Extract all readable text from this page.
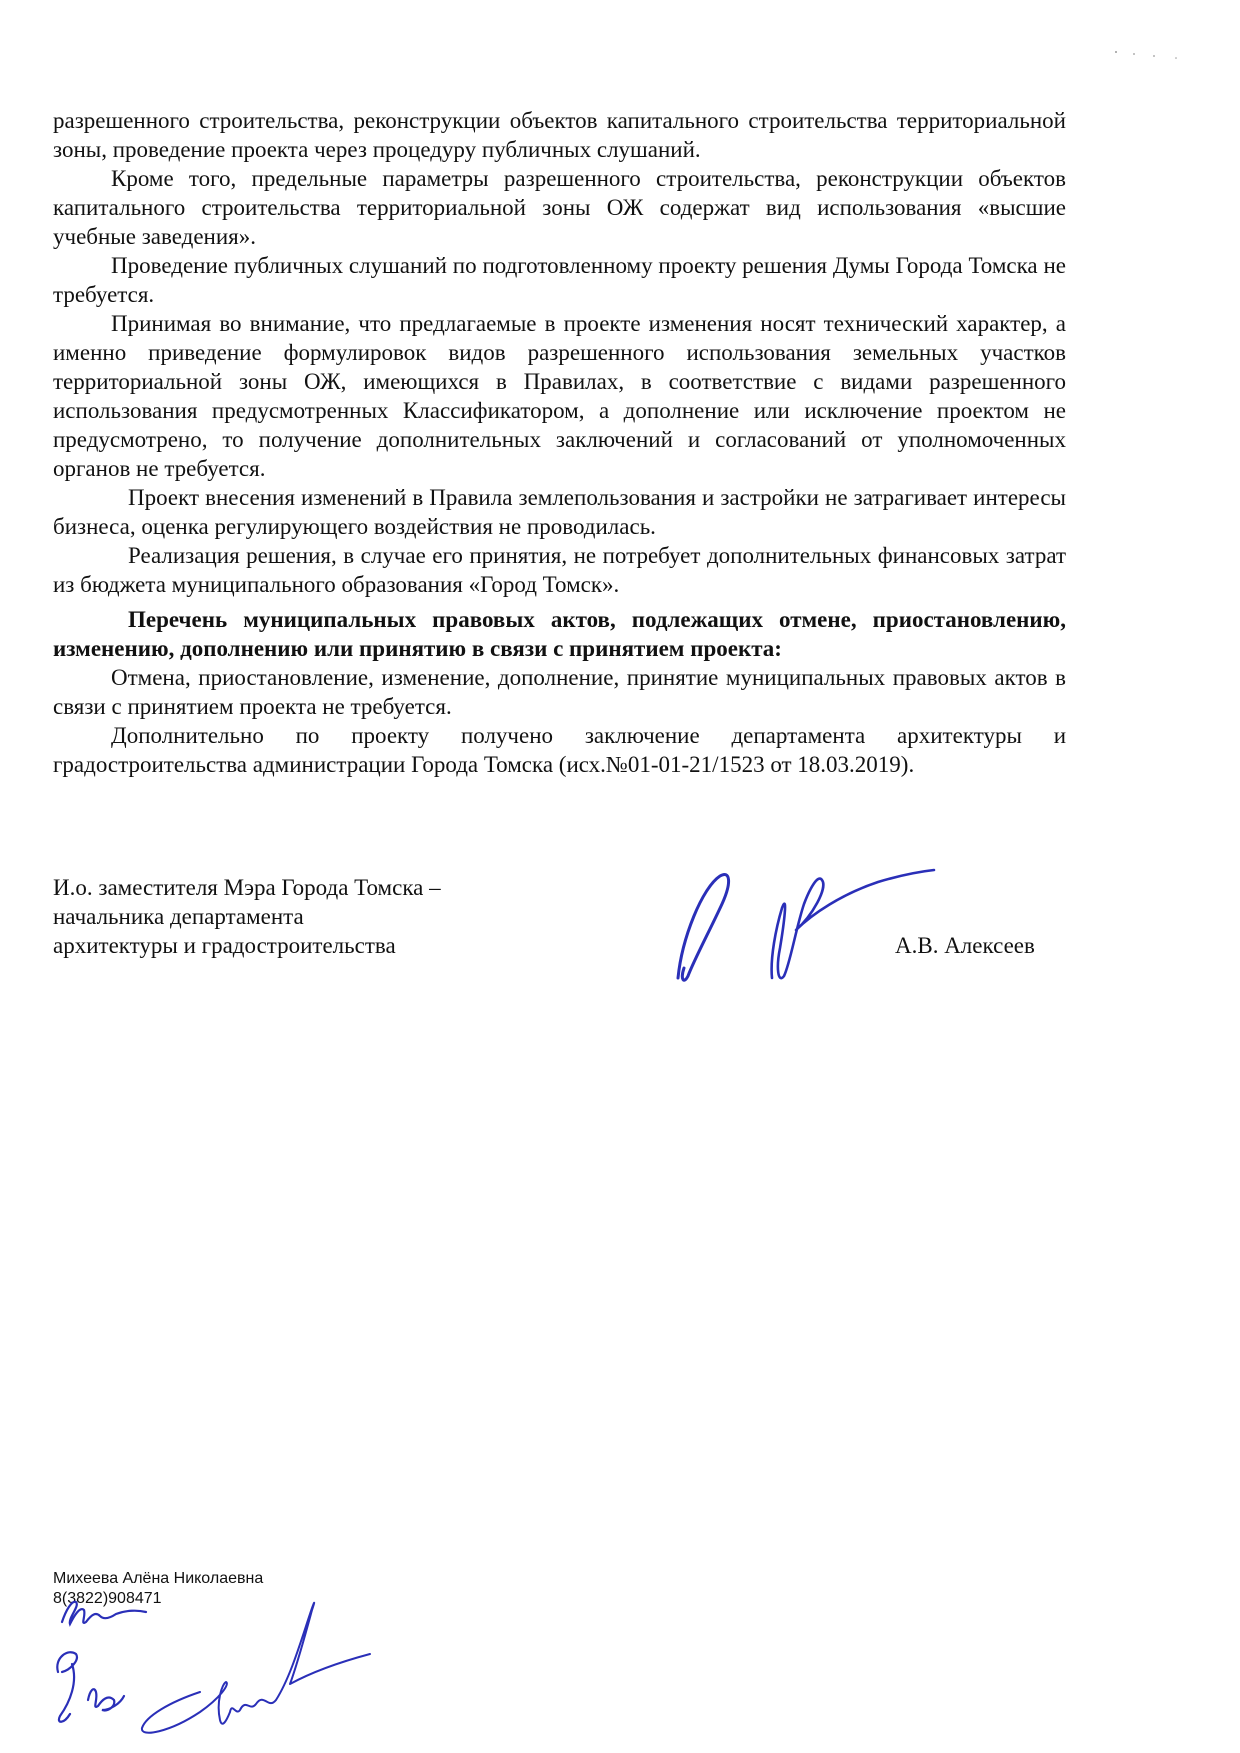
разрешенного строительства, реконструкции объектов капитального строительства территориальной зоны, проведение проекта через процедуру публичных слушаний.

Кроме того, предельные параметры разрешенного строительства, реконструкции объектов капитального строительства территориальной зоны ОЖ содержат вид использования «высшие учебные заведения».

Проведение публичных слушаний по подготовленному проекту решения Думы Города Томска не требуется.

Принимая во внимание, что предлагаемые в проекте изменения носят технический характер, а именно приведение формулировок видов разрешенного использования земельных участков территориальной зоны ОЖ, имеющихся в Правилах, в соответствие с видами разрешенного использования предусмотренных Классификатором, а дополнение или исключение проектом не предусмотрено, то получение дополнительных заключений и согласований от уполномоченных органов не требуется.

Проект внесения изменений в Правила землепользования и застройки не затрагивает интересы бизнеса, оценка регулирующего воздействия не проводилась.

Реализация решения, в случае его принятия, не потребует дополнительных финансовых затрат из бюджета муниципального образования «Город Томск».

Перечень муниципальных правовых актов, подлежащих отмене, приостановлению, изменению, дополнению или принятию в связи с принятием проекта:

Отмена, приостановление, изменение, дополнение, принятие муниципальных правовых актов в связи с принятием проекта не требуется.

Дополнительно по проекту получено заключение департамента архитектуры и градостроительства администрации Города Томска (исх.№01-01-21/1523 от 18.03.2019).

И.о. заместителя Мэра Города Томска –
начальника департамента
архитектуры и градостроительства	А.В. Алексеев
Михеева Алёна Николаевна
8(3822)908471
